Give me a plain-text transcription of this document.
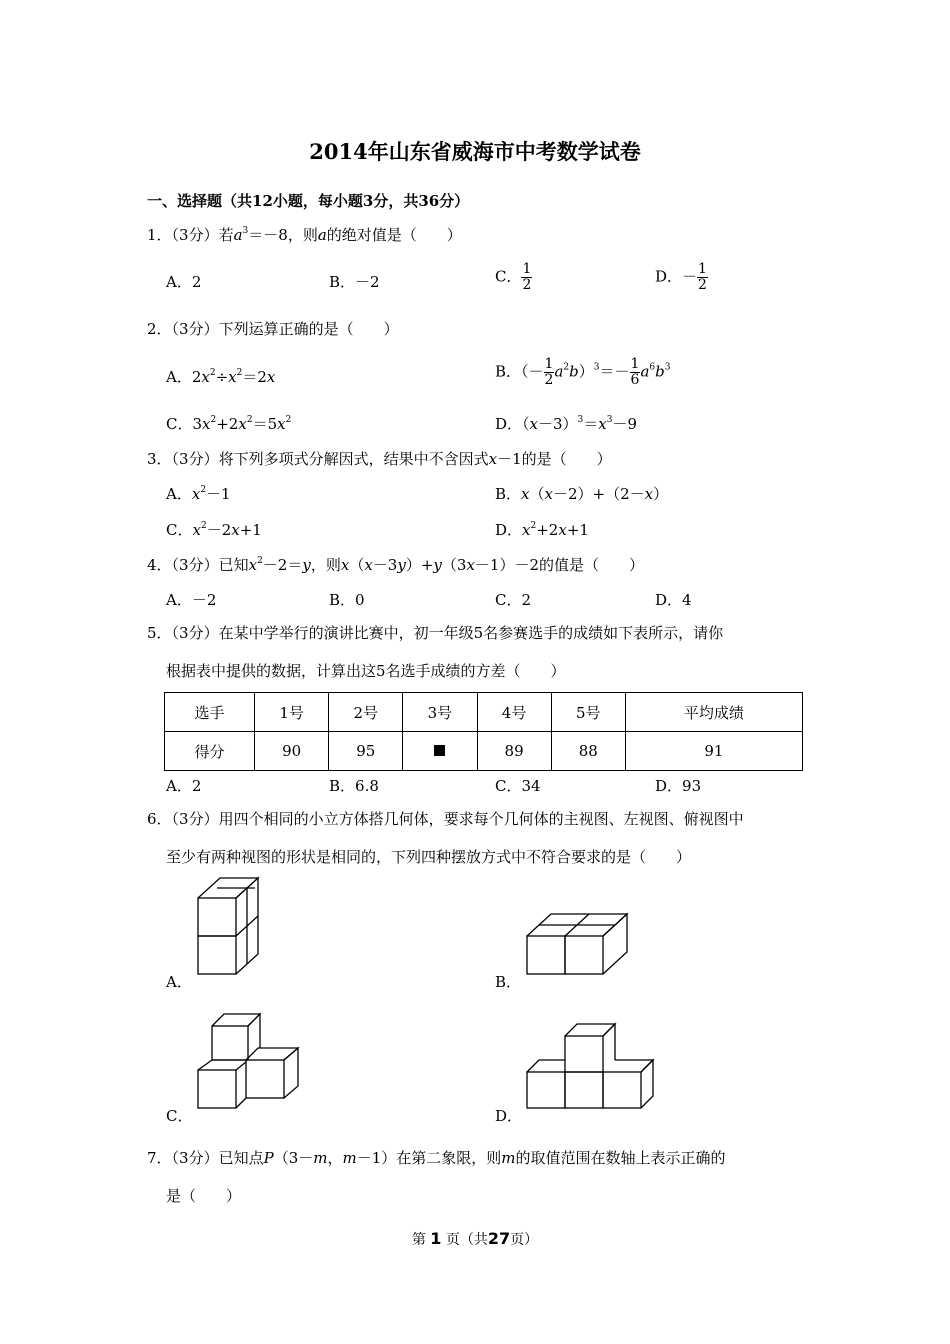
2014年山东省威海市中考数学试卷
一、选择题（共12小题，每小题3分，共36分）
1．（3分）若$a^3=-8$，则a的绝对值是（　　）
A．2	B．－2	C． $\frac{1}{2}$	D．－ $\frac{1}{2}$
2．（3分）下列运算正确的是（　　）
A．$2x^2\div x^2=2x$	B．（－ $\frac{1}{2} a^2b)^3=- \frac{1}{6} a^6b^3$
C．$3x^2+2x^2=5x^2$	D．$(x-3)^3=x^3-9$
3．（3分）将下列多项式分解因式，结果中不含因式x－1的是（　　）
A．$x^2-1$	B．x（x－2）+（2－x）
C．$x^2-2x+1$	D．$x^2+2x+1$
4．（3分）已知$x^2-2=y$，则x（x－3y）+y（3x－1）－2的值是（　　）
A．－2	B．0	C．2	D．4
5．（3分）在某中学举行的演讲比赛中，初一年级5名参赛选手的成绩如下表所示，请你
根据表中提供的数据，计算出这5名选手成绩的方差（　　）
选手	1号	2号	3号	4号	5号	平均成绩
得分	90	95		89	88	91
A．2	B．6.8	C．34	D．93
6．（3分）用四个相同的小立方体搭几何体，要求每个几何体的主视图、左视图、俯视图中
至少有两种视图的形状是相同的，下列四种摆放方式中不符合要求的是（　　）
A．	B．
C．	D．
7．（3分）已知点P（3－m，m－1）在第二象限，则m的取值范围在数轴上表示正确的
是（　　）
第 1 页（共27页）
